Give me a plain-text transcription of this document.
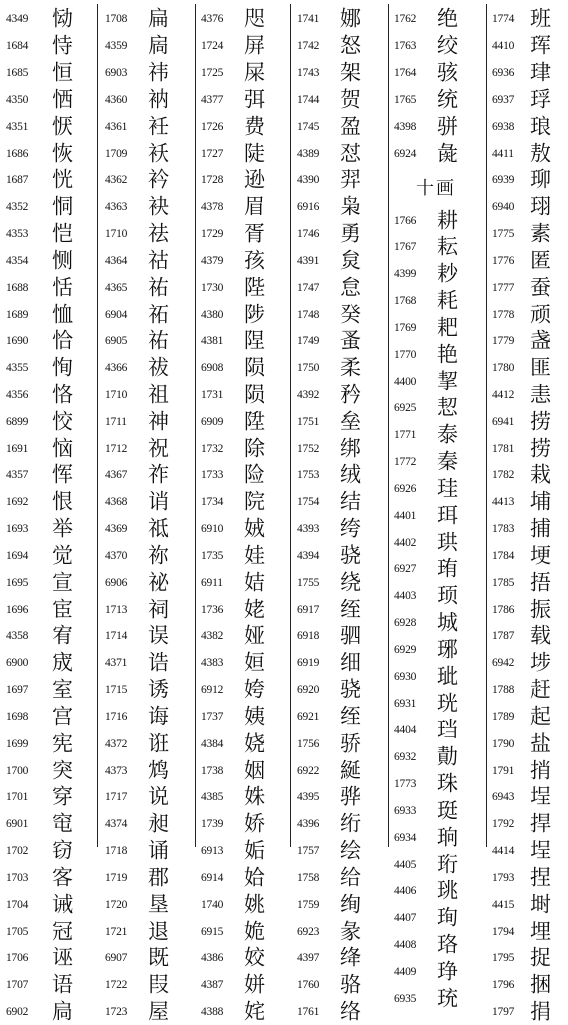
4349 恸
1684 恃
1685 恒
4350 恓
4351 恹
1686 恢
1687 恍
4352 恫
4353 恺
4354 恻
1688 恬
1689 恤
1690 恰
4355 恂
4356 恪
6899 恔
1691 恼
4357 恽
1692 恨
1693 举
1694 觉
1695 宣
1696 宦
4358 宥
6900 宬
1697 室
1698 宫
1699 宪
1700 突
1701 穿
6901 窀
1702 窃
1703 客
1704 诫
1705 冠
1706 诬
1707 语
6902 扃
1708 扁
4359 扄
6903 祎
4360 衲
4361 衽
1709 袄
4362 衿
4363 袂
1710 祛
4364 祜
4365 祐
6904 祏
6905 祐
4366 祓
1710 祖
1711 神
1712 祝
4367 祚
4368 诮
4369 祗
4370 祢
6906 祕
1713 祠
1714 误
4371 诰
1715 诱
1716 诲
4372 诳
4373 鸩
1717 说
4374 昶
1718 诵
1719 郡
1720 垦
1721 退
6907 既
1722 叚
1723 屋
4376 咫
1724 屏
1725 屎
4377 弭
1726 费
1727 陡
1728 逊
4378 眉
1729 胥
4379 孩
1730 陛
4380 陟
4381 陧
6908 陨
1731 陨
6909 陞
1732 除
1733 险
1734 院
6910 娀
1735 娃
6911 姞
1736 姥
4382 娅
4383 姮
6912 姱
1737 姨
4384 娆
1738 姻
4385 姝
1739 娇
6913 姤
6914 姶
1740 姚
6915 姽
4386 姣
4387 姘
4388 姹
1741 娜
1742 怒
1743 架
1744 贺
1745 盈
4389 怼
4390 羿
6916 枭
1746 勇
4391 炱
1747 怠
1748 癸
1749 蚤
1750 柔
4392 矜
1751 垒
1752 绑
1753 绒
1754 结
4393 绔
4394 骁
1755 绕
6917 绖
6918 驷
6919 细
6920 骁
6921 绖
1756 骄
6922 綖
4395 骅
4396 绗
1757 绘
1758 给
1759 绚
6923 彖
4397 绛
1760 骆
1761 络
1762 绝
1763 绞
1764 骇
1765 统
4398 骈
6924 彘
十画
1766 耕
1767 耘
4399 耖
1768 耗
1769 耙
1770 艳
4400 挈
6925 恝
1771 泰
1772 秦
6926 珪
4401 珥
4402 珙
6927 珛
4403 顼
6928 城
6929 琊
6930 玼
6931 珖
4404 珰
6932 勣
1773 珠
6933 珽
6934 珦
4405 珩
4406 珧
4407 珣
4408 珞
4409 琤
6935 珫
1774 班
4410 珲
6936 珒
6937 琈
6938 琅
4411 敖
6939 珋
6940 珝
1775 素
1776 匿
1777 蚕
1778 顽
1779 盏
1780 匪
4412 恚
6941 捞
1781 捞
1782 栽
4413 埔
1783 捕
1784 埂
1785 捂
1786 振
1787 载
6942 埗
1788 赶
1789 起
1790 盐
1791 捎
6943 埕
1792 捍
4414 埕
1793 捏
4415 埘
1794 埋
1795 捉
1796 捆
1797 捐
